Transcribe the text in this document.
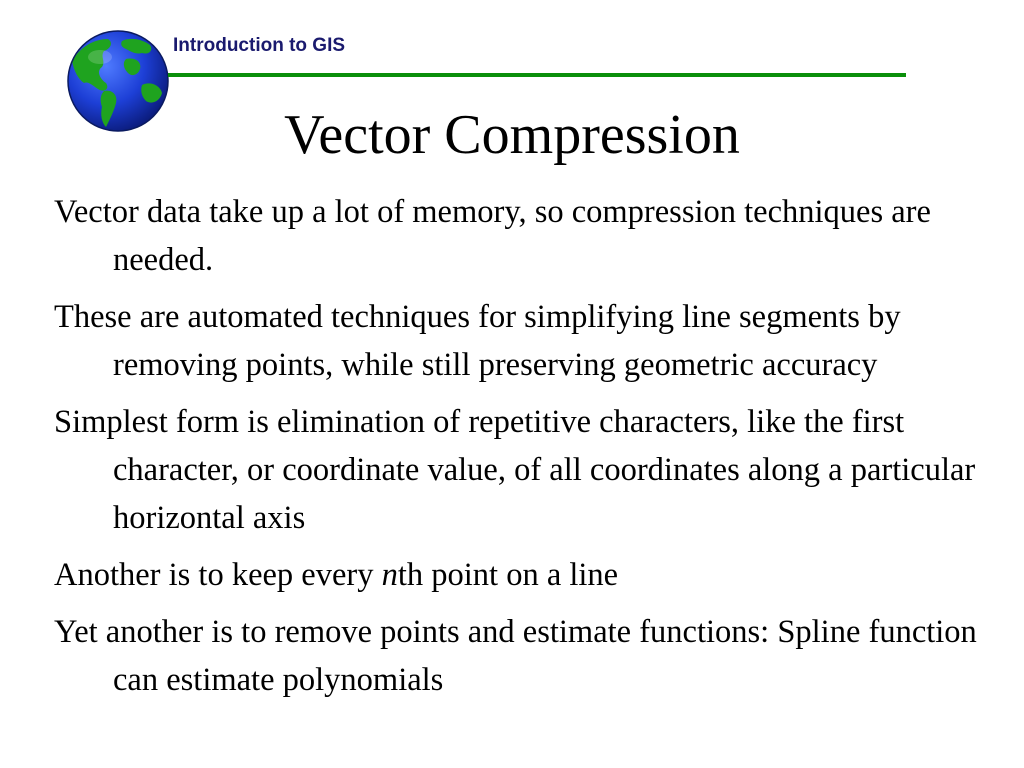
Introduction to GIS
Vector Compression
Vector data take up a lot of memory, so compression techniques are needed.
These are automated techniques for simplifying line segments by removing points, while still preserving geometric accuracy
Simplest form is elimination of repetitive characters, like the first character, or coordinate value, of all coordinates along a particular horizontal axis
Another is to keep every nth point on a line
Yet another is to remove points and estimate functions: Spline function can estimate polynomials
